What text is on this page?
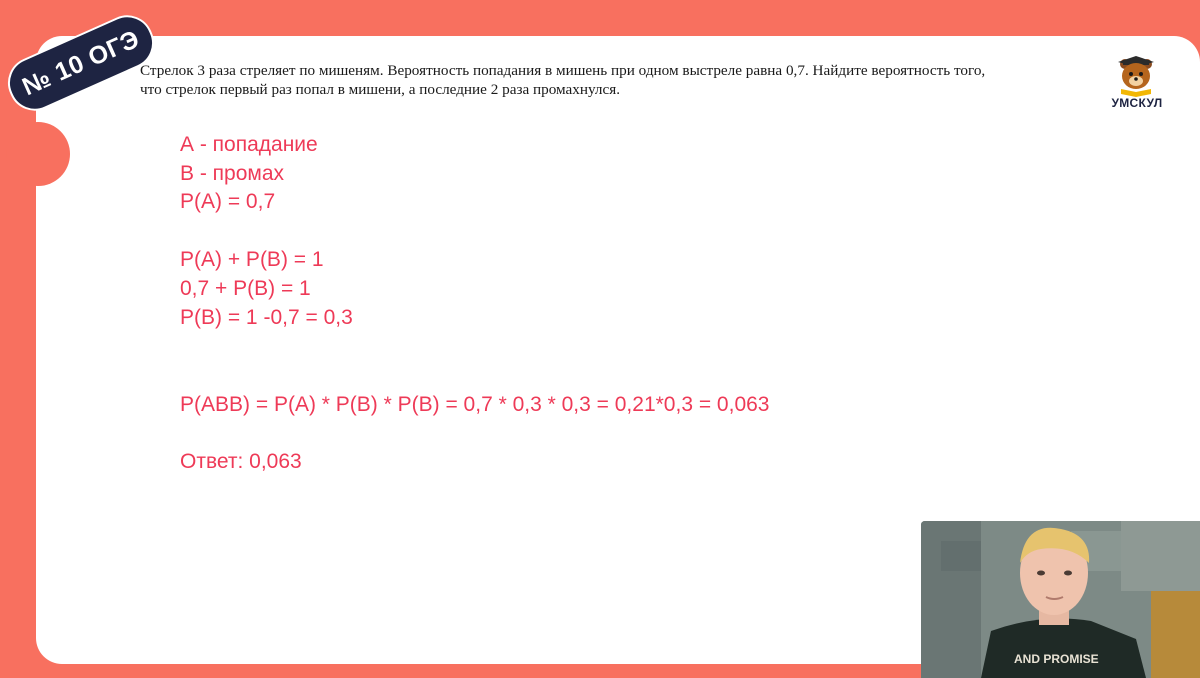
№ 10 ОГЭ

Стрелок 3 раза стреляет по мишеням. Вероятность попадания в мишень при одном выстреле равна 0,7. Найдите вероятность того,
что стрелок первый раз попал в мишени, а последние 2 раза промахнулся.

УМСКУЛ

А - попадание

В - промах

Р(А) = 0,7

Р(А) + Р(В) = 1

0,7 + Р(В) = 1

Р(В) = 1 -0,7 = 0,3

Р(АВВ) = Р(А) * Р(В) * Р(В) = 0,7 * 0,3 * 0,3 = 0,21*0,3 = 0,063

Ответ: 0,063

AND PROMISE
